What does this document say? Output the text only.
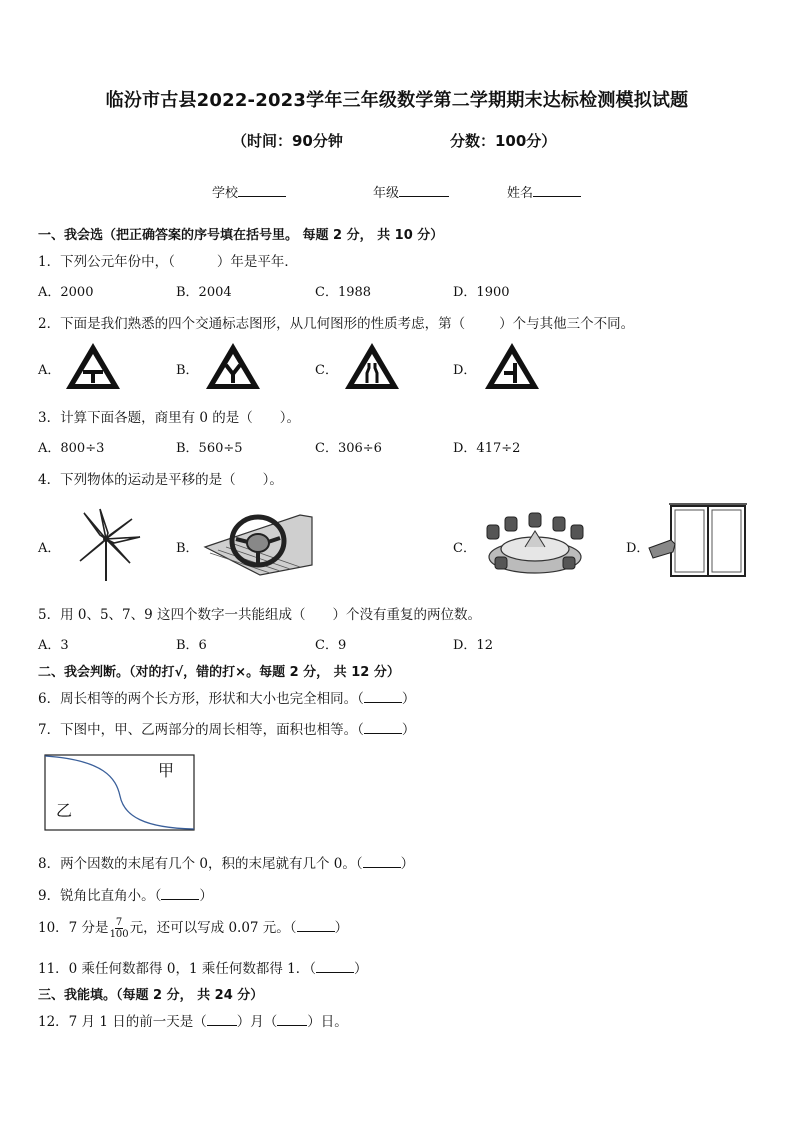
临汾市古县2022-2023学年三年级数学第二学期期末达标检测模拟试题
（时间：90分钟	分数：100分）
学校	年级	姓名
一、我会选（把正确答案的序号填在括号里。 每题 2 分， 共 10 分）
1．下列公元年份中，（	）年是平年．
A．2000	B．2004	C．1988	D．1900
2．下面是我们熟悉的四个交通标志图形，从几何图形的性质考虑，第（	）个与其他三个不同。
A．	B．	C．	D．
3．计算下面各题，商里有 0 的是（　　）。
A．800÷3	B．560÷5	C．306÷6	D．417÷2
4．下列物体的运动是平移的是（　　）。
A．	B．	C．	D．
5．用 0、5、7、9 这四个数字一共能组成（　　）个没有重复的两位数。
A．3	B．6	C．9	D．12
二、我会判断。（对的打√，错的打×。每题 2 分， 共 12 分）
6．周长相等的两个长方形，形状和大小也完全相同。（	）
7．下图中，甲、乙两部分的周长相等，面积也相等。（	）
甲
乙
8．两个因数的末尾有几个 0，积的末尾就有几个 0。（	）
9．锐角比直角小。（	）
10．7 分是 $\frac{7}{100}$ 元，还可以写成 0.07 元。（	）
11．0 乘任何数都得 0，1 乘任何数都得 1．（	）
三、我能填。（每题 2 分， 共 24 分）
12．7 月 1 日的前一天是（ ）月（ ）日。
